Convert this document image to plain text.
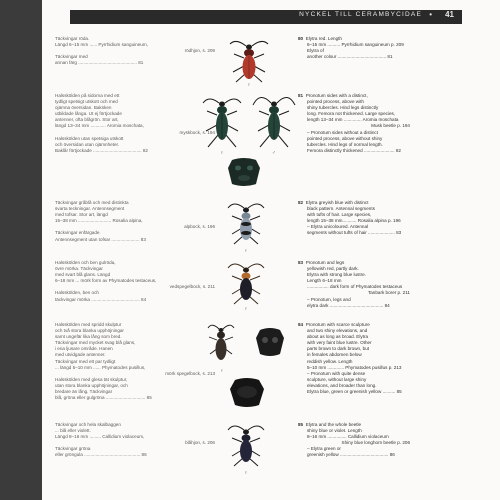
NYCKEL TILL CERAMBYCIDAE • 41

Täckvingar röda.

Längd 6–15 mm ...... Pyrrhidium sanguineum,

rödhjon, s. 209

Täckvingar med

annan färg .............................................. 81

Halsskölden på sidorna med ett

tydligt spetsigt utskott och med

ojämna översidan. Baksken

utbildade långa. Ut ej förtjockade

antenner, ofta blågrön. Stor art,

längd 13–34 mm ............ Aromia moschata,

myskbock, s. 194

Halsskölden utan spetsiga utskott

och översidan utan ojämnheter.

Baklår förtjockade ...................................... 82

Täckvingar gråblå och med distinkta

svarta teckningar. Antennsegment

med tofsar. Stor art, längd

15–38 mm .......................... Rosalia alpina,

alpbock, s. 196

Täckvingar enfärgade.

Antennsegment utan tofsar ...................... 83

Halsskölden och ben gulröda,

övre mörka. Täckvingar

med svart blå glans. Längd

6–18 mm ... mörk form av Phymatodes testaceus,

vedspegelbock, s. 211

Halsskölden, ben och

täckvingar mörka ...................................... 84

Halsskölden med spridd skulptur

och två stora blanka upphöjningar

samt ungefär lika lång som bred.

Täckvingar med mycket svag blå glans,

i ena ljusare område. Hanen

med utvidgade antenner.

Täckvingar med ett par tydligt

... längd 5–10 mm ...... Phymatodes pusillus,

mörk spegelbock, s. 213

Halsskölden med glesa tät skulptur,

utan stora blanka upphöjningar, och

bredare än lång. Täckvingar

blå, gröna eller gulgröna ............................... 85

Täckvingar och hela skalbaggen

... blå eller violett.

Längd 8–16 mm ......... Callidium violaceum,

blåhjon, s. 206

Täckvingar gröna

eller gröngula ............................................ 86

80 Elytra red. Length

6–15 mm .......... Pyrrhidium sanguineum p. 209

Elytra of

another colour ...................................... 81

81 Pronotum sides with a distinct,

pointed process, above with

shiny tubercles. Hind legs distinctly

long. Femora not thickened. Large species,

length 13–34 mm .............. Aromia moschata

Musk beetle p. 194

– Pronotum sides without a distinct

pointed process, above without shiny

tubercles. Hind legs of normal length.

Femora distinctly thickened ........................ 82

82 Elytra greyish blue with distinct

black pattern. Antennal segments

with tufts of hair. Large species,

length 15–38 mm........... Rosalia alpina p. 196

– Elytra unicoloured. Antennal

segments without tufts of hair ..................... 83

83 Pronotum and legs

yellowish red, partly dark.

Elytra with strong blue lustre.

Length 6–18 mm

................. dark form of Phymatodes testaceus

Tanbark borer p. 211

– Pronotum, legs and

elytra dark .......................................... 84

84 Pronotum with scarce sculpture

and two shiny elevations, and

about as long as broad. Elytra

with very faint blue lustre. Other

parts brown to dark brown, but

in females abdomen below

reddish yellow. Length

5–10 mm ............. Phymatodes pusillus p. 213

– Pronotum with quite dense

sculpture, without large shiny

elevations, and broader than long.

Elytra blue, green or greenish yellow .......... 85

85 Elytra and the whole beetle

shiny blue or violet. Length

8–16 mm ............... Callidium violaceum

Shiny blue longhorn beetle p. 206

– Elytra green or

greenish yellow ...................................... 86

♀
♀	♂
♀
♀
♀
♀
